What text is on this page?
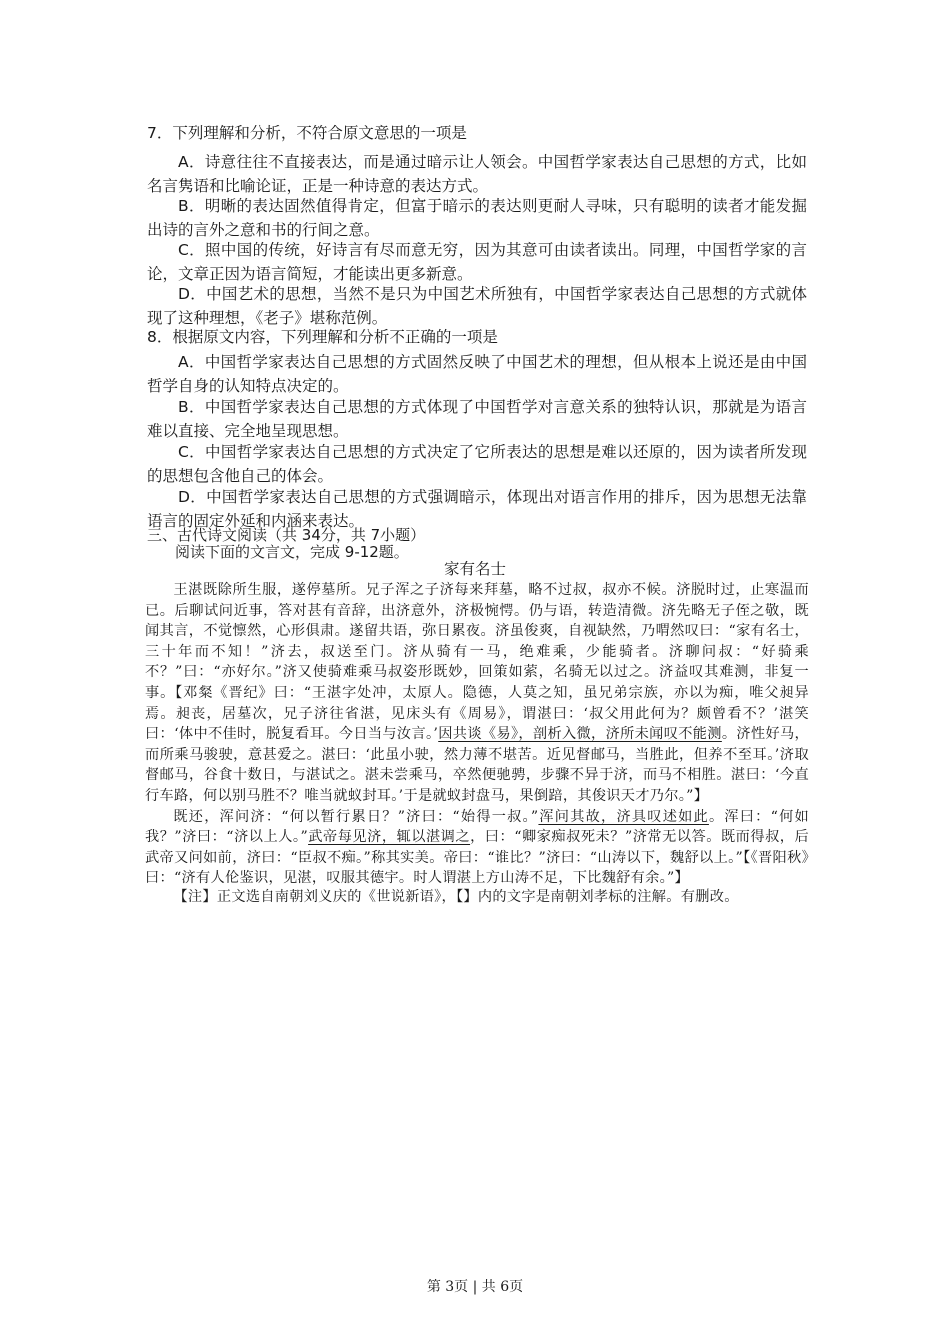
7．下列理解和分析，不符合原文意思的一项是
A．诗意往往不直接表达，而是通过暗示让人领会。中国哲学家表达自己思想的方式，比如名言隽语和比喻论证，正是一种诗意的表达方式。
B．明晰的表达固然值得肯定，但富于暗示的表达则更耐人寻味，只有聪明的读者才能发掘出诗的言外之意和书的行间之意。
C．照中国的传统，好诗言有尽而意无穷，因为其意可由读者读出。同理，中国哲学家的言论，文章正因为语言简短，才能读出更多新意。
D．中国艺术的思想，当然不是只为中国艺术所独有，中国哲学家表达自己思想的方式就体现了这种理想，《老子》堪称范例。
8．根据原文内容，下列理解和分析不正确的一项是
A．中国哲学家表达自己思想的方式固然反映了中国艺术的理想，但从根本上说还是由中国哲学自身的认知特点决定的。
B．中国哲学家表达自己思想的方式体现了中国哲学对言意关系的独特认识，那就是为语言难以直接、完全地呈现思想。
C．中国哲学家表达自己思想的方式决定了它所表达的思想是难以还原的，因为读者所发现的思想包含他自己的体会。
D．中国哲学家表达自己思想的方式强调暗示，体现出对语言作用的排斥，因为思想无法靠语言的固定外延和内涵来表达。
三、古代诗文阅读（共 34分，共 7小题）
阅读下面的文言文，完成 9-12题。
家有名士

王湛既除所生服，遂停墓所。兄子浑之子济每来拜墓，略不过叔，叔亦不候。济脱时过，止寒温而已。后聊试问近事，答对甚有音辞，出济意外，济极惋愕。仍与语，转造清微。济先略无子侄之敬，既闻其言，不觉懔然，心形俱肃。遂留共语，弥日累夜。济虽俊爽，自视缺然，乃喟然叹曰：“家有名士，三十年而不知！”济去，叔送至门。济从骑有一马，绝难乘，少能骑者。济聊问叔：“好骑乘不？”曰：“亦好尔。”济又使骑难乘马叔姿形既妙，回策如萦，名骑无以过之。济益叹其难测，非复一事。【邓粲《晋纪》曰：“王湛字处冲，太原人。隐德，人莫之知，虽兄弟宗族，亦以为痴，唯父昶异焉。昶丧，居墓次，兄子济往省湛，见床头有《周易》，谓湛曰：‘叔父用此何为？颇曾看不？’湛笑曰：‘体中不佳时，脱复看耳。今日当与汝言。’因共谈《易》，剖析入微，济所未闻叹不能测。济性好马，而所乘马骏驶，意甚爱之。湛曰：‘此虽小驶，然力薄不堪苦。近见督邮马，当胜此，但养不至耳。’济取督邮马，谷食十数日，与湛试之。湛未尝乘马，卒然便驰骋，步骤不异于济，而马不相胜。湛曰：‘今直行车路，何以别马胜不？唯当就蚁封耳。’于是就蚁封盘马，果倒踣，其俊识天才乃尔。”】

既还，浑问济：“何以暂行累日？”济曰：“始得一叔。”浑问其故，济具叹述如此。浑曰：“何如我？”济曰：“济以上人。”武帝每见济，辄以湛调之，曰：“卿家痴叔死未？”济常无以答。既而得叔，后武帝又问如前，济曰：“臣叔不痴。”称其实美。帝曰：“谁比？”济曰：“山涛以下，魏舒以上。”【《晋阳秋》曰：“济有人伦鉴识，见湛，叹服其德宇。时人谓湛上方山涛不足，下比魏舒有余。”】

【注】正文选自南朝刘义庆的《世说新语》，【】内的文字是南朝刘孝标的注解。有删改。
第 3页 | 共 6页
